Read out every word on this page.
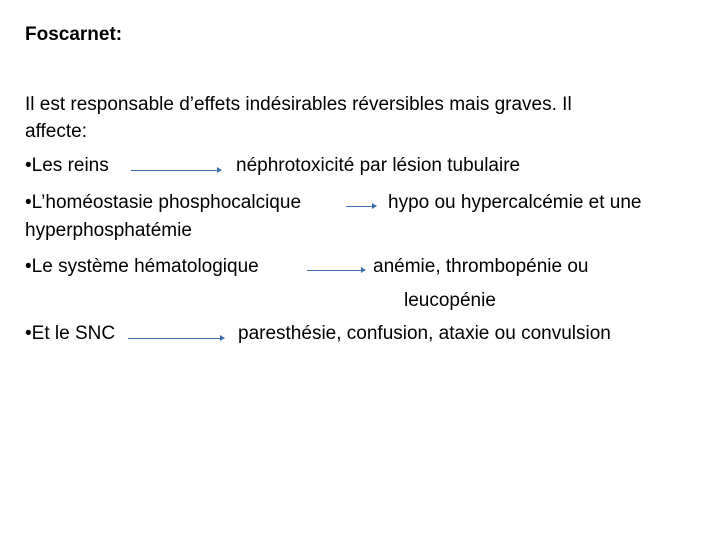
Foscarnet:
Il est responsable d’effets indésirables réversibles mais graves. Il
affecte:
•Les reins	néphrotoxicité par lésion tubulaire
•L’homéostasie phosphocalcique	hypo ou hypercalcémie et une
hyperphosphatémie
•Le système hématologique	anémie, thrombopénie ou
leucopénie
•Et le SNC	paresthésie, confusion, ataxie ou convulsion
